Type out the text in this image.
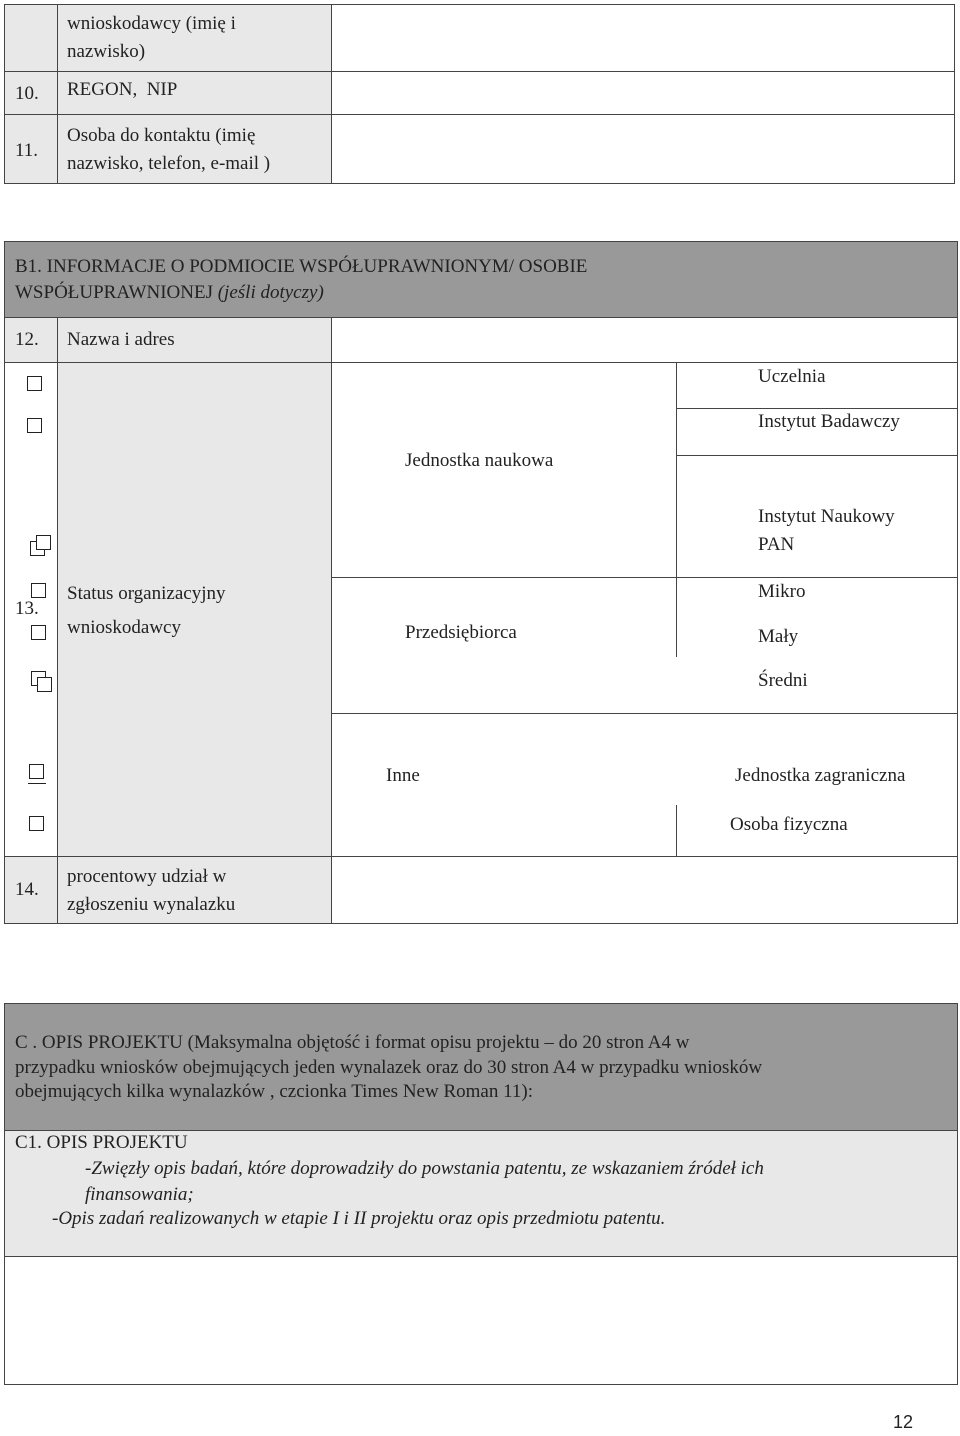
wnioskodawcy (imię i
nazwisko)
10. REGON,  NIP
11.
Osoba do kontaktu (imię
nazwisko, telefon, e-mail )
B1. INFORMACJE O PODMIOCIE WSPÓŁUPRAWNIONYM/ OSOBIE
WSPÓŁUPRAWNIONEJ (jeśli dotyczy)
12. Nazwa i adres
13.
Status organizacyjny
wnioskodawcy
Jednostka naukowa
Uczelnia
Instytut Badawczy
Instytut Naukowy
PAN
Przedsiębiorca
Mikro
Mały
Średni
Inne	Jednostka zagraniczna
Osoba fizyczna
14.
procentowy udział w
zgłoszeniu wynalazku
C . OPIS PROJEKTU (Maksymalna objętość i format opisu projektu – do 20 stron A4 w
przypadku wniosków obejmujących jeden wynalazek oraz do 30 stron A4 w przypadku wniosków
obejmujących kilka wynalazków , czcionka Times New Roman 11):
C1. OPIS PROJEKTU
-Zwięzły opis badań, które doprowadziły do powstania patentu, ze wskazaniem źródeł ich
finansowania;
-Opis zadań realizowanych w etapie I i II projektu oraz opis przedmiotu patentu.
12
